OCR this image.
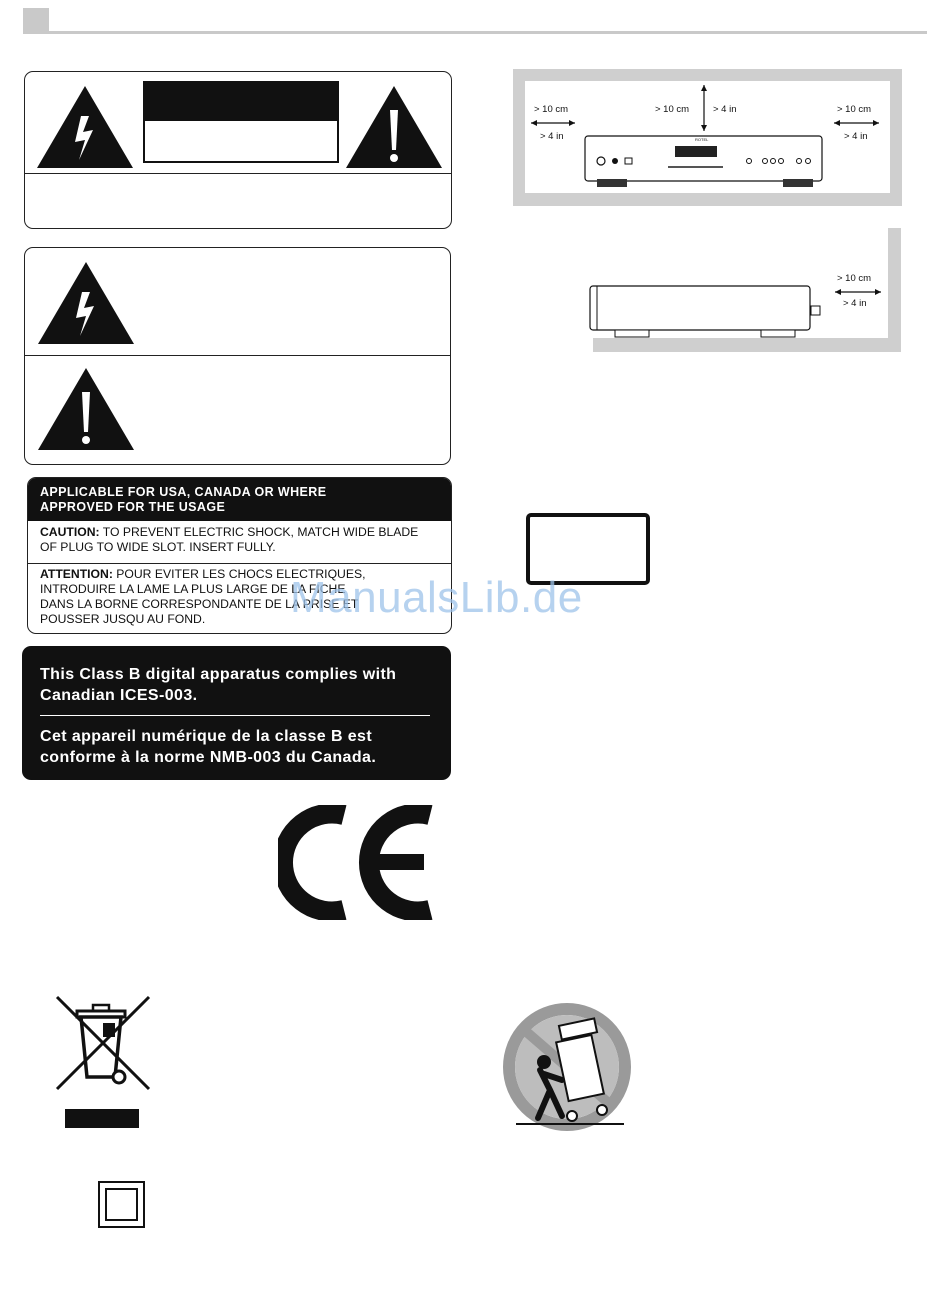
APPLICABLE FOR USA, CANADA OR WHERE
APPROVED FOR THE USAGE
CAUTION: TO PREVENT ELECTRIC SHOCK, MATCH WIDE BLADE
OF PLUG TO WIDE SLOT. INSERT FULLY.
ATTENTION: POUR EVITER LES CHOCS ELECTRIQUES,
INTRODUIRE LA LAME LA PLUS LARGE DE LA FICHE
DANS LA BORNE CORRESPONDANTE DE LA PRISE ET
POUSSER JUSQU AU FOND.
This Class B digital apparatus complies with
Canadian ICES-003.
Cet appareil numérique de la classe B est
conforme à la norme NMB-003 du Canada.
> 10 cm
> 4 in
> 10 cm	> 4 in	> 10 cm
> 4 in
ROTEL
> 10 cm
> 4 in
ManualsLib.de
